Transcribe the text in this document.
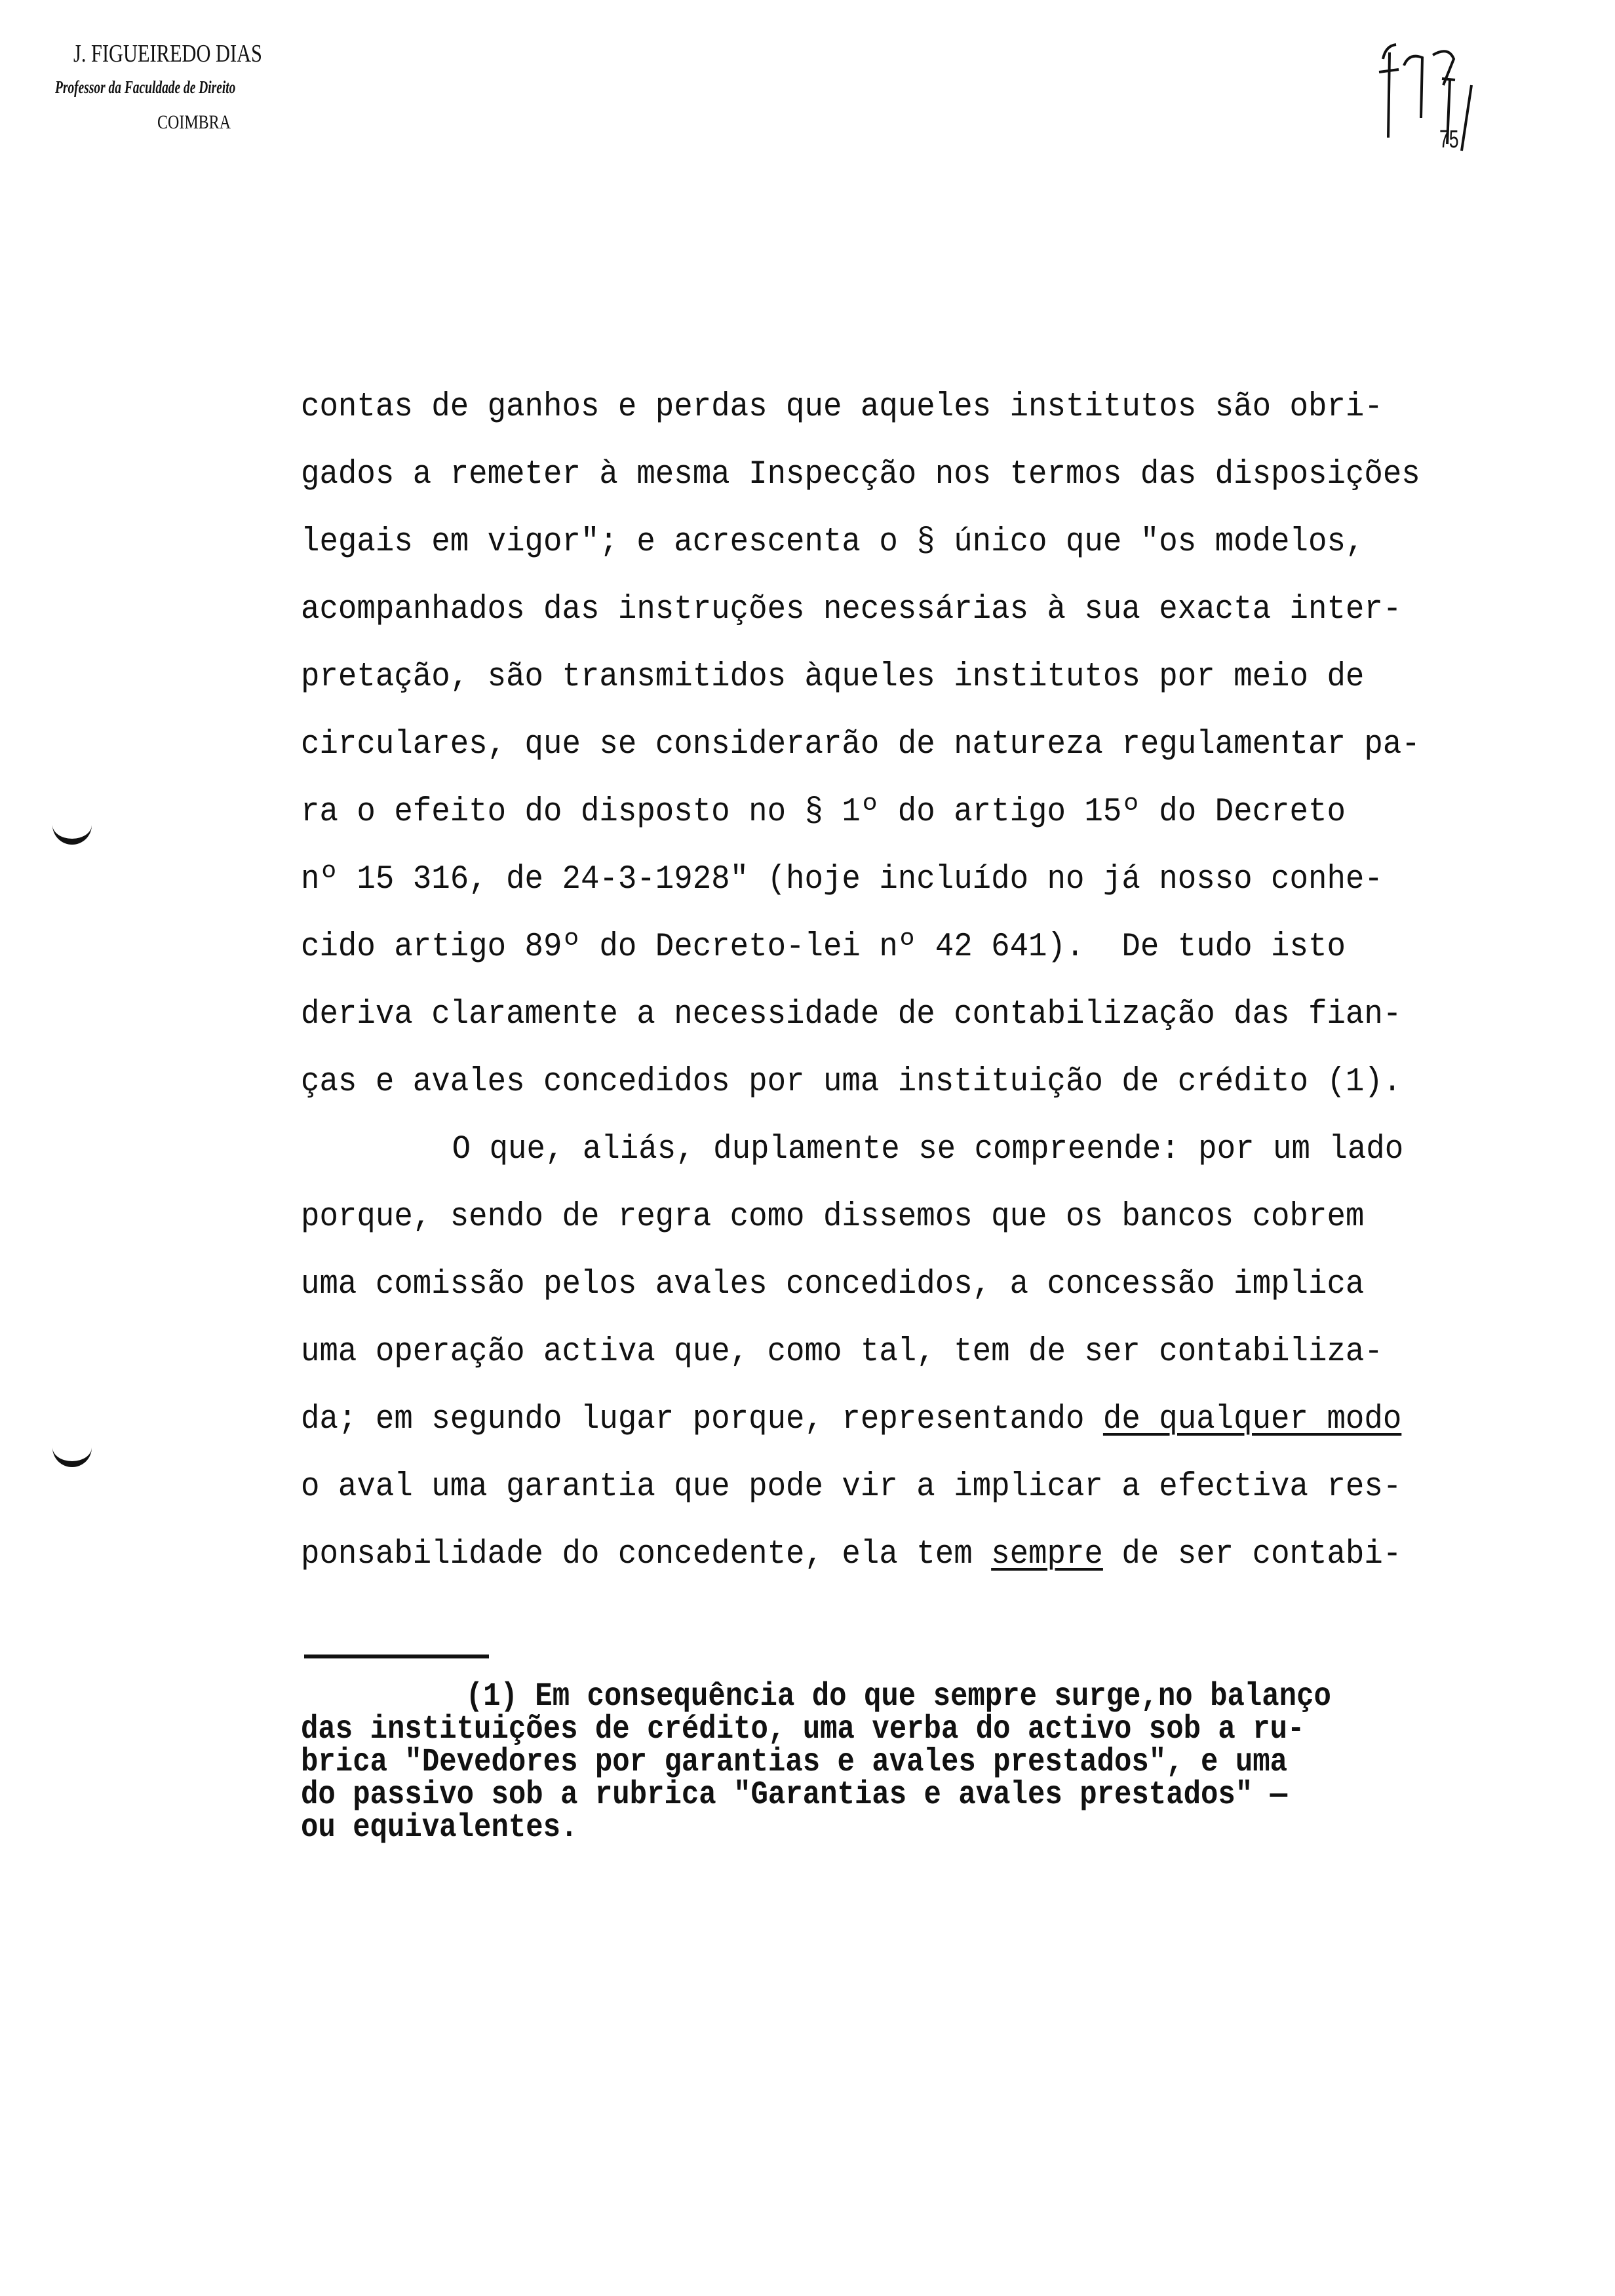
J. FIGUEIREDO DIAS
Professor da Faculdade de Direito
COIMBRA
75
contas de ganhos e perdas que aqueles institutos são obri-
gados a remeter à mesma Inspecção nos termos das disposições
legais em vigor"; e acrescenta o § único que "os modelos,
acompanhados das instruções necessárias à sua exacta inter-
pretação, são transmitidos àqueles institutos por meio de
circulares, que se considerarão de natureza regulamentar pa-
ra o efeito do disposto no § 1º do artigo 15º do Decreto
nº 15 316, de 24-3-1928" (hoje incluído no já nosso conhe-
cido artigo 89º do Decreto-lei nº 42 641).  De tudo isto
deriva claramente a necessidade de contabilização das fian-
ças e avales concedidos por uma instituição de crédito (1).
O que, aliás, duplamente se compreende: por um lado
porque, sendo de regra como dissemos que os bancos cobrem
uma comissão pelos avales concedidos, a concessão implica
uma operação activa que, como tal, tem de ser contabiliza-
da; em segundo lugar porque, representando de qualquer modo
o aval uma garantia que pode vir a implicar a efectiva res-
ponsabilidade do concedente, ela tem sempre de ser contabi-
(1) Em consequência do que sempre surge,no balanço
das instituições de crédito, uma verba do activo sob a ru-
brica "Devedores por garantias e avales prestados", e uma
do passivo sob a rubrica "Garantias e avales prestados" —
ou equivalentes.
